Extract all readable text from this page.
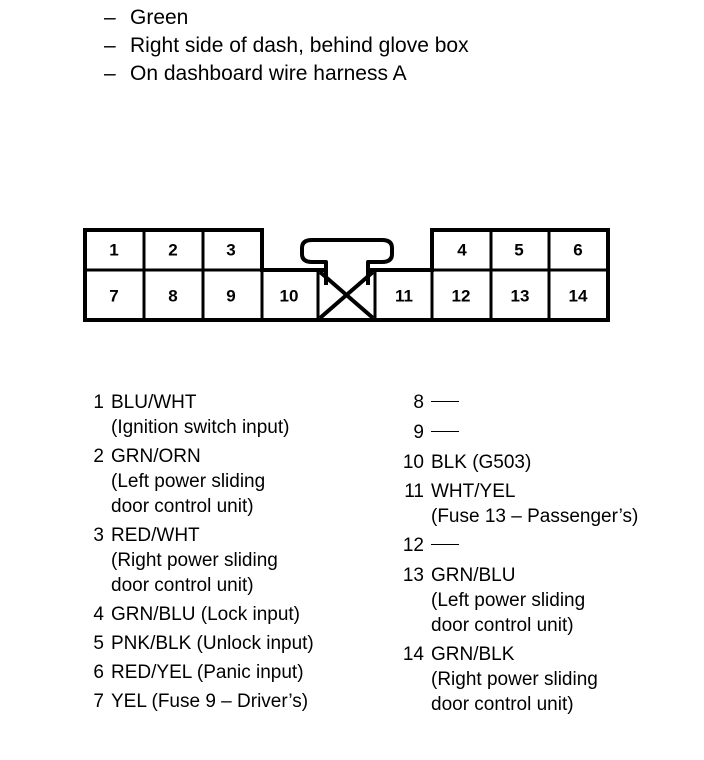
– Green
– Right side of dash, behind glove box
– On dashboard wire harness A
1	2	3	4	5	6
7	8	9	10	11 12 13 14
1 BLU/WHT
(Ignition switch input)
2 GRN/ORN
(Left power sliding
door control unit)
3 RED/WHT
(Right power sliding
door control unit)
4 GRN/BLU (Lock input)
5 PNK/BLK (Unlock input)
6 RED/YEL (Panic input)
7 YEL (Fuse 9 – Driver’s)
8
9
10 BLK (G503)
11 WHT/YEL
(Fuse 13 – Passenger’s)
12
13 GRN/BLU
(Left power sliding
door control unit)
14 GRN/BLK
(Right power sliding
door control unit)
